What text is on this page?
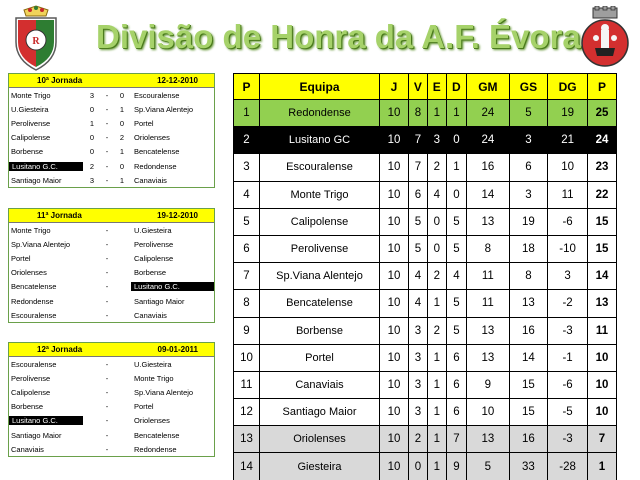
R Divisão de Honra da A.F. Évora
10ª Jornada	12-12-2010
Monte Trigo	3	-	0	Escouralense
U.Giesteira	0	-	1	Sp.Viana Alentejo
Perolivense	1	-	0	Portel
Calipolense	0	-	2	Oriolenses
Borbense	0	-	1	Bencatelense
Lusitano G.C.	2	-	0	Redondense
Santiago Maior	3	-	1	Canaviais
11ª Jornada	19-12-2010
Monte Trigo	-	U.Giesteira
Sp.Viana Alentejo	-	Perolivense
Portel	-	Calipolense
Oriolenses	-	Borbense
Bencatelense	-	Lusitano G.C.
Redondense	-	Santiago Maior
Escouralense	-	Canaviais
12ª Jornada	09-01-2011
Escouralense	-	U.Giesteira
Perolivense	-	Monte Trigo
Calipolense	-	Sp.Viana Alentejo
Borbense	-	Portel
Lusitano G.C.	-	Oriolenses
Santiago Maior	-	Bencatelense
Canaviais	-	Redondense
P	Equipa	J	V	E	D	GM	GS	DG	P
1	Redondense	10	8	1	1	24	5	19	25
2	Lusitano GC	10	7	3	0	24	3	21	24
3	Escouralense	10	7	2	1	16	6	10	23
4	Monte Trigo	10	6	4	0	14	3	11	22
5	Calipolense	10	5	0	5	13	19	-6	15
6	Perolivense	10	5	0	5	8	18	-10	15
7	Sp.Viana Alentejo	10	4	2	4	11	8	3	14
8	Bencatelense	10	4	1	5	11	13	-2	13
9	Borbense	10	3	2	5	13	16	-3	11
10	Portel	10	3	1	6	13	14	-1	10
11	Canaviais	10	3	1	6	9	15	-6	10
12	Santiago Maior	10	3	1	6	10	15	-5	10
13	Oriolenses	10	2	1	7	13	16	-3	7
14	Giesteira	10	0	1	9	5	33	-28	1
